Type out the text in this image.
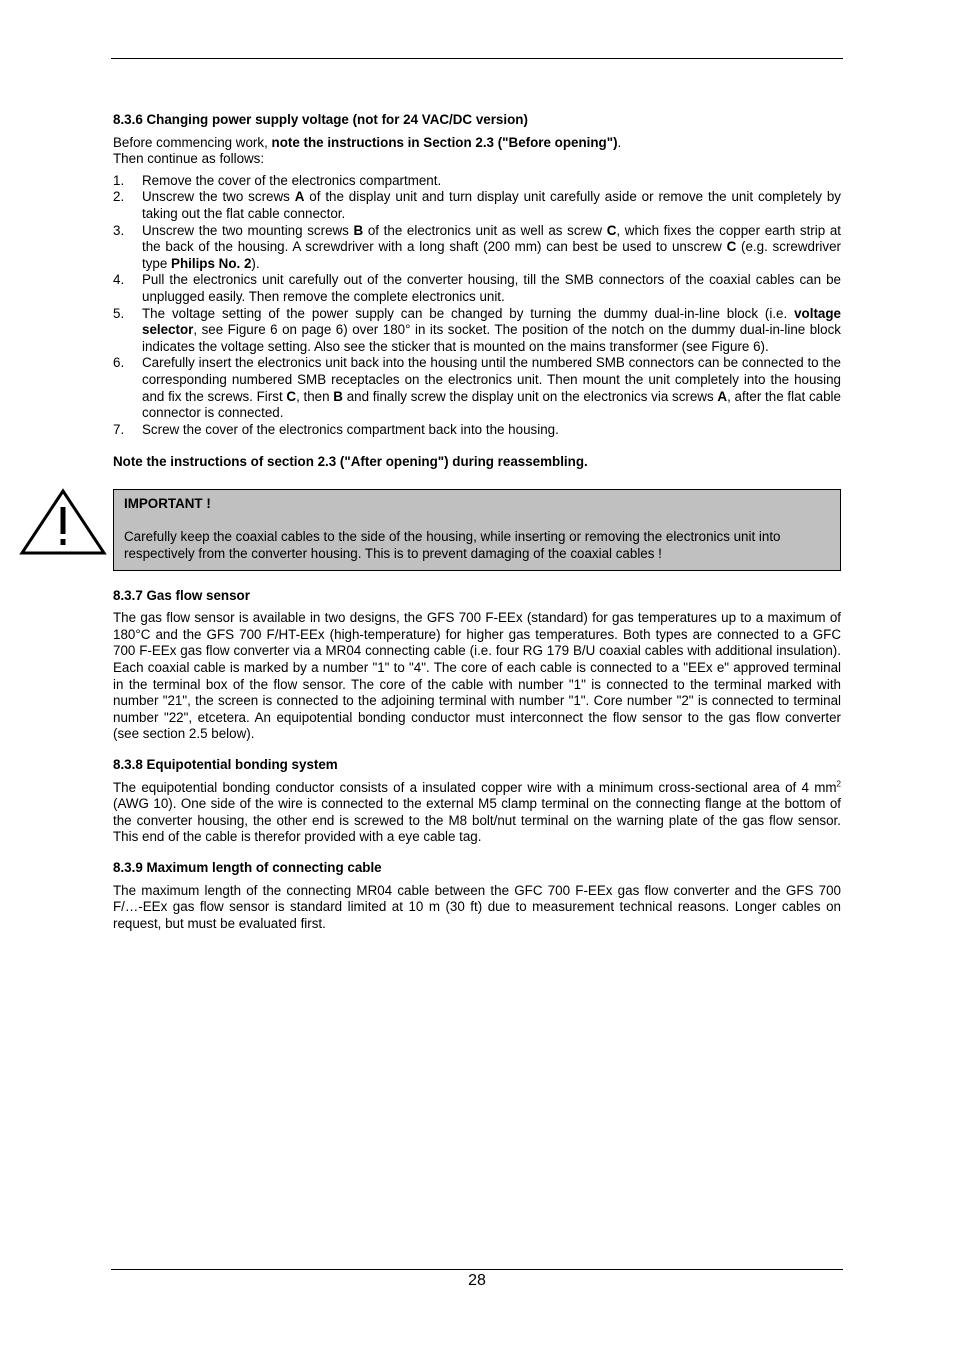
8.3.6 Changing power supply voltage (not for 24 VAC/DC version)

Before commencing work, note the instructions in Section 2.3 ("Before opening").

Then continue as follows:

1. Remove the cover of the electronics compartment.
2. Unscrew the two screws A of the display unit and turn display unit carefully aside or remove the unit completely by taking out the flat cable connector.
3. Unscrew the two mounting screws B of the electronics unit as well as screw C, which fixes the copper earth strip at the back of the housing. A screwdriver with a long shaft (200 mm) can best be used to unscrew C (e.g. screwdriver type Philips No. 2).
4. Pull the electronics unit carefully out of the converter housing, till the SMB connectors of the coaxial cables can be unplugged easily. Then remove the complete electronics unit.
5. The voltage setting of the power supply can be changed by turning the dummy dual-in-line block (i.e. voltage selector, see Figure 6 on page 6) over 180° in its socket. The position of the notch on the dummy dual-in-line block indicates the voltage setting. Also see the sticker that is mounted on the mains transformer (see Figure 6).
6. Carefully insert the electronics unit back into the housing until the numbered SMB connectors can be connected to the corresponding numbered SMB receptacles on the electronics unit. Then mount the unit completely into the housing and fix the screws. First C, then B and finally screw the display unit on the electronics via screws A, after the flat cable connector is connected.
7. Screw the cover of the electronics compartment back into the housing.

Note the instructions of section 2.3 ("After opening") during reassembling.

IMPORTANT !

Carefully keep the coaxial cables to the side of the housing, while inserting or removing the electronics unit into respectively from the converter housing. This is to prevent damaging of the coaxial cables !

8.3.7 Gas flow sensor

The gas flow sensor is available in two designs, the GFS 700 F-EEx (standard) for gas temperatures up to a maximum of 180°C and the GFS 700 F/HT-EEx (high-temperature) for higher gas temperatures. Both types are connected to a GFC 700 F-EEx gas flow converter via a MR04 connecting cable (i.e. four RG 179 B/U coaxial cables with additional insulation). Each coaxial cable is marked by a number "1" to "4". The core of each cable is connected to a "EEx e" approved terminal in the terminal box of the flow sensor. The core of the cable with number "1" is connected to the terminal marked with number "21", the screen is connected to the adjoining terminal with number "1". Core number "2" is connected to terminal number "22", etcetera. An equipotential bonding conductor must interconnect the flow sensor to the gas flow converter (see section 2.5 below).

8.3.8 Equipotential bonding system

The equipotential bonding conductor consists of a insulated copper wire with a minimum cross-sectional area of 4 $mm^2$ (AWG 10). One side of the wire is connected to the external M5 clamp terminal on the connecting flange at the bottom of the converter housing, the other end is screwed to the M8 bolt/nut terminal on the warning plate of the gas flow sensor. This end of the cable is therefor provided with a eye cable tag.

8.3.9 Maximum length of connecting cable

The maximum length of the connecting MR04 cable between the GFC 700 F-EEx gas flow converter and the GFS 700 F/…-EEx gas flow sensor is standard limited at 10 m (30 ft) due to measurement technical reasons. Longer cables on request, but must be evaluated first.

28
